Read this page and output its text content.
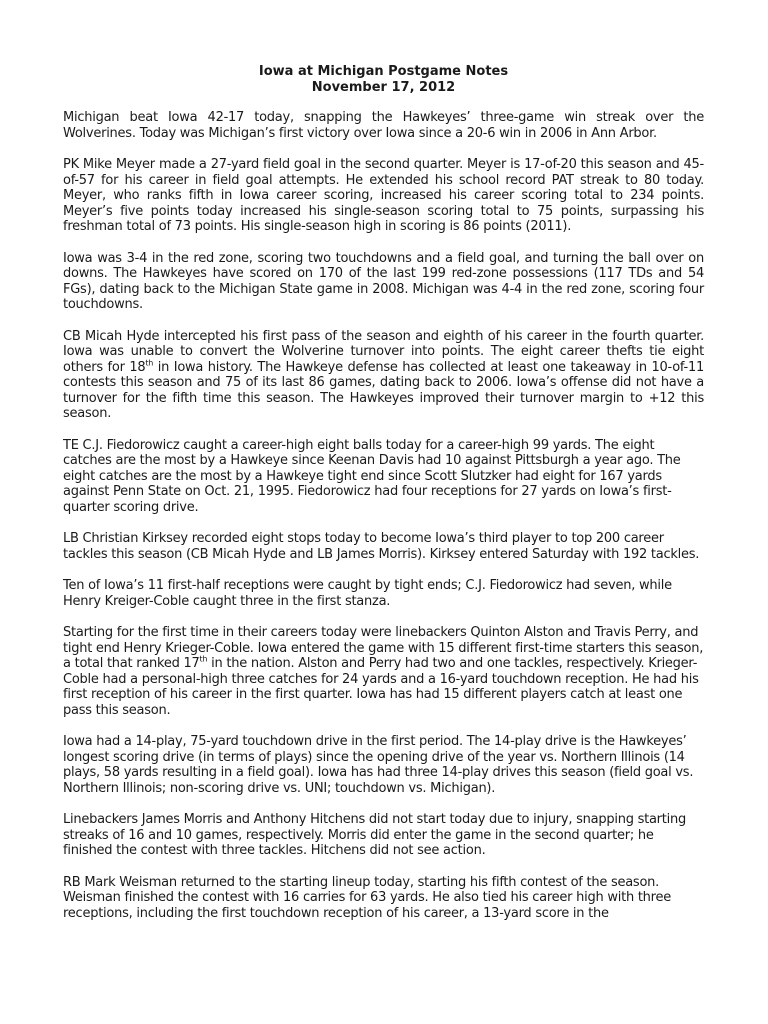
Iowa at Michigan Postgame Notes

November 17, 2012

Michigan beat Iowa 42-17 today, snapping the Hawkeyes’ three-game win streak over the Wolverines. Today was Michigan’s first victory over Iowa since a 20-6 win in 2006 in Ann Arbor.

PK Mike Meyer made a 27-yard field goal in the second quarter. Meyer is 17-of-20 this season and 45-of-57 for his career in field goal attempts. He extended his school record PAT streak to 80 today. Meyer, who ranks fifth in Iowa career scoring, increased his career scoring total to 234 points. Meyer’s five points today increased his single-season scoring total to 75 points, surpassing his freshman total of 73 points. His single-season high in scoring is 86 points (2011).

Iowa was 3-4 in the red zone, scoring two touchdowns and a field goal, and turning the ball over on downs. The Hawkeyes have scored on 170 of the last 199 red-zone possessions (117 TDs and 54 FGs), dating back to the Michigan State game in 2008. Michigan was 4-4 in the red zone, scoring four touchdowns.

CB Micah Hyde intercepted his first pass of the season and eighth of his career in the fourth quarter. Iowa was unable to convert the Wolverine turnover into points. The eight career thefts tie eight others for 18th in Iowa history. The Hawkeye defense has collected at least one takeaway in 10-of-11 contests this season and 75 of its last 86 games, dating back to 2006. Iowa’s offense did not have a turnover for the fifth time this season. The Hawkeyes improved their turnover margin to +12 this season.

TE C.J. Fiedorowicz caught a career-high eight balls today for a career-high 99 yards. The eight catches are the most by a Hawkeye since Keenan Davis had 10 against Pittsburgh a year ago. The eight catches are the most by a Hawkeye tight end since Scott Slutzker had eight for 167 yards against Penn State on Oct. 21, 1995. Fiedorowicz had four receptions for 27 yards on Iowa’s first-quarter scoring drive.

LB Christian Kirksey recorded eight stops today to become Iowa’s third player to top 200 career tackles this season (CB Micah Hyde and LB James Morris). Kirksey entered Saturday with 192 tackles.

Ten of Iowa’s 11 first-half receptions were caught by tight ends; C.J. Fiedorowicz had seven, while Henry Kreiger-Coble caught three in the first stanza.

Starting for the first time in their careers today were linebackers Quinton Alston and Travis Perry, and tight end Henry Krieger-Coble. Iowa entered the game with 15 different first-time starters this season, a total that ranked 17th in the nation. Alston and Perry had two and one tackles, respectively. Krieger-Coble had a personal-high three catches for 24 yards and a 16-yard touchdown reception. He had his first reception of his career in the first quarter. Iowa has had 15 different players catch at least one pass this season.

Iowa had a 14-play, 75-yard touchdown drive in the first period. The 14-play drive is the Hawkeyes’ longest scoring drive (in terms of plays) since the opening drive of the year vs. Northern Illinois (14 plays, 58 yards resulting in a field goal). Iowa has had three 14-play drives this season (field goal vs. Northern Illinois; non-scoring drive vs. UNI; touchdown vs. Michigan).

Linebackers James Morris and Anthony Hitchens did not start today due to injury, snapping starting streaks of 16 and 10 games, respectively. Morris did enter the game in the second quarter; he finished the contest with three tackles. Hitchens did not see action.

RB Mark Weisman returned to the starting lineup today, starting his fifth contest of the season. Weisman finished the contest with 16 carries for 63 yards. He also tied his career high with three receptions, including the first touchdown reception of his career, a 13-yard score in the
